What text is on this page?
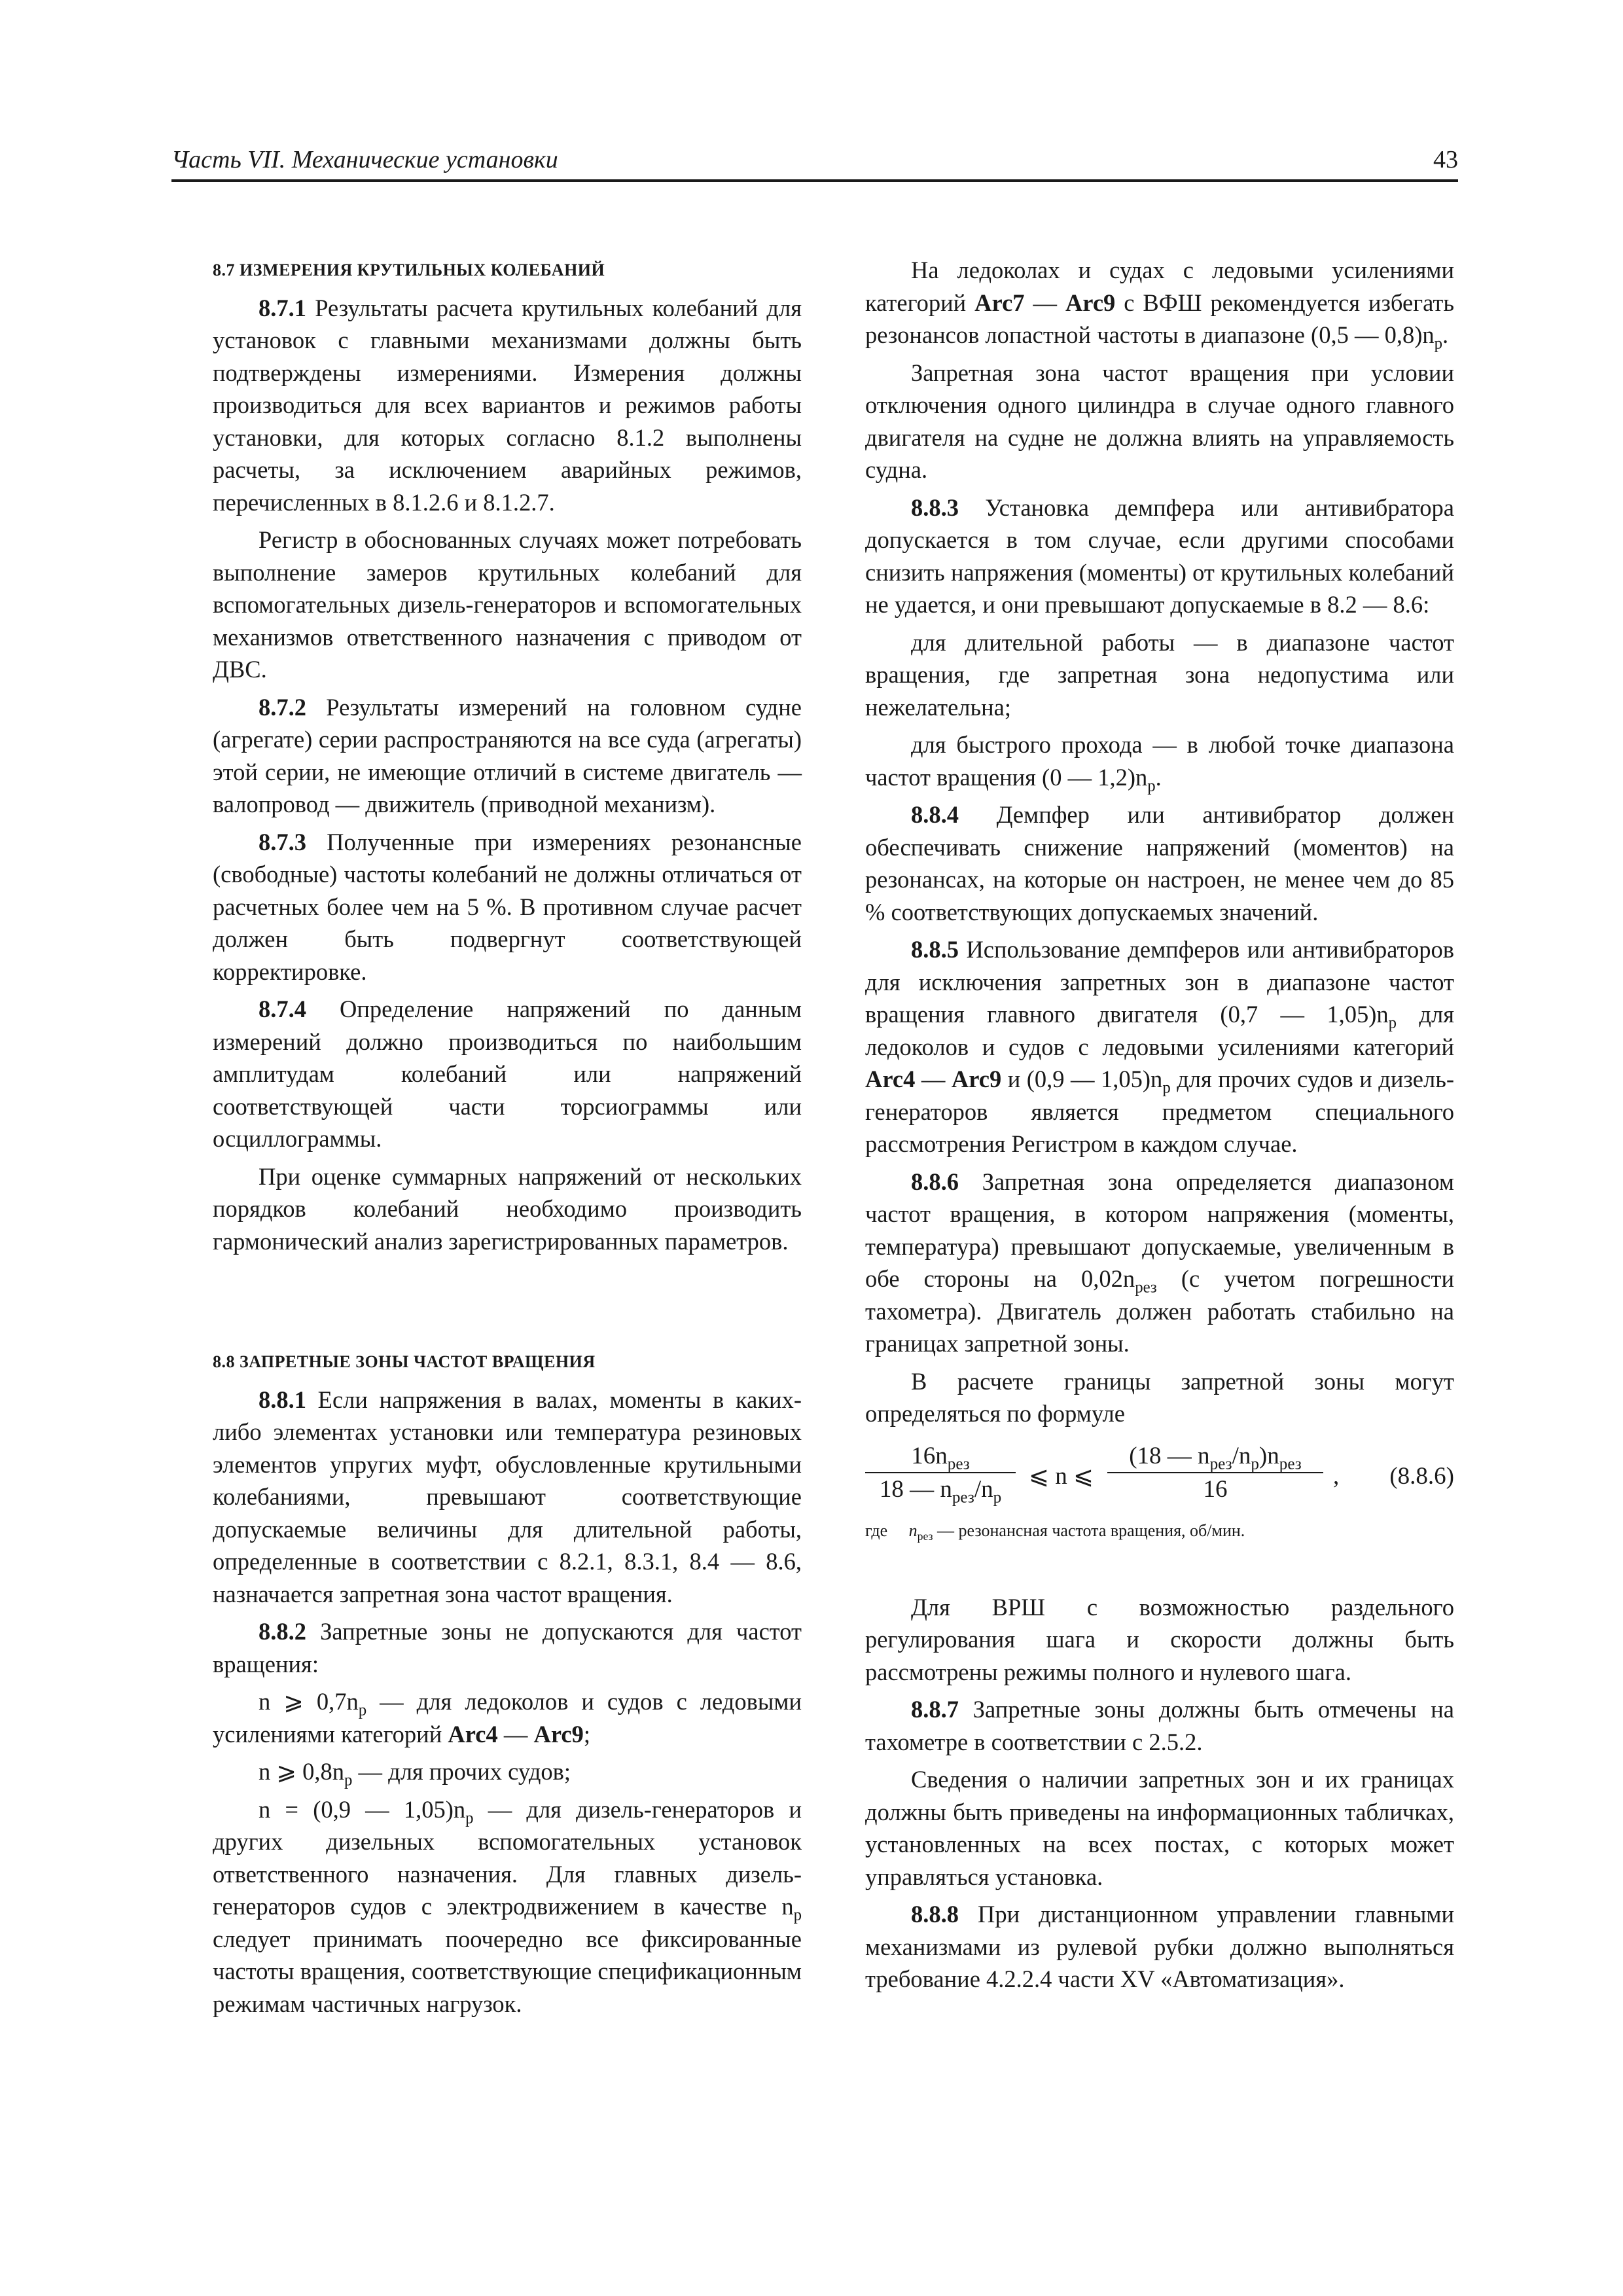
Часть VII. Механические установки	43

8.7 ИЗМЕРЕНИЯ КРУТИЛЬНЫХ КОЛЕБАНИЙ

8.7.1 Результаты расчета крутильных колебаний для установок с главными механизмами должны быть подтверждены измерениями. Измерения должны производиться для всех вариантов и режимов работы установки, для которых согласно 8.1.2 выполнены расчеты, за исключением аварийных режимов, перечисленных в 8.1.2.6 и 8.1.2.7.

Регистр в обоснованных случаях может потребовать выполнение замеров крутильных колебаний для вспомогательных дизель-генераторов и вспомогательных механизмов ответственного назначения с приводом от ДВС.

8.7.2 Результаты измерений на головном судне (агрегате) серии распространяются на все суда (агрегаты) этой серии, не имеющие отличий в системе двигатель — валопровод — движитель (приводной механизм).

8.7.3 Полученные при измерениях резонансные (свободные) частоты колебаний не должны отличаться от расчетных более чем на 5 %. В противном случае расчет должен быть подвергнут соответствующей корректировке.

8.7.4 Определение напряжений по данным измерений должно производиться по наибольшим амплитудам колебаний или напряжений соответствующей части торсиограммы или осциллограммы.

При оценке суммарных напряжений от нескольких порядков колебаний необходимо производить гармонический анализ зарегистрированных параметров.

8.8 ЗАПРЕТНЫЕ ЗОНЫ ЧАСТОТ ВРАЩЕНИЯ

8.8.1 Если напряжения в валах, моменты в каких-либо элементах установки или температура резиновых элементов упругих муфт, обусловленные крутильными колебаниями, превышают соответствующие допускаемые величины для длительной работы, определенные в соответствии с 8.2.1, 8.3.1, 8.4 — 8.6, назначается запретная зона частот вращения.

8.8.2 Запретные зоны не допускаются для частот вращения:

n ⩾ $0,7n_p$ — для ледоколов и судов с ледовыми усилениями категорий Arc4 — Arc9;

n ⩾ $0,8n_p$ — для прочих судов;

n = (0,9 — $1,05)n_p$ — для дизель-генераторов и других дизельных вспомогательных установок ответственного назначения. Для главных дизель-генераторов судов с электродвижением в качестве $n_p$ следует принимать поочередно все фиксированные частоты вращения, соответствующие спецификационным режимам частичных нагрузок.

На ледоколах и судах с ледовыми усилениями категорий Arc7 — Arc9 с ВФШ рекомендуется избегать резонансов лопастной частоты в диапазоне (0,5 — $0,8)n_p$.

Запретная зона частот вращения при условии отключения одного цилиндра в случае одного главного двигателя на судне не должна влиять на управляемость судна.

8.8.3 Установка демпфера или антивибратора допускается в том случае, если другими способами снизить напряжения (моменты) от крутильных колебаний не удается, и они превышают допускаемые в 8.2 — 8.6:

для длительной работы — в диапазоне частот вращения, где запретная зона недопустима или нежелательна;

для быстрого прохода — в любой точке диапазона частот вращения (0 — $1,2)n_p$.

8.8.4 Демпфер или антивибратор должен обеспечивать снижение напряжений (моментов) на резонансах, на которые он настроен, не менее чем до 85 % соответствующих допускаемых значений.

8.8.5 Использование демпферов или антивибраторов для исключения запретных зон в диапазоне частот вращения главного двигателя (0,7 — $1,05)n_p$ для ледоколов и судов с ледовыми усилениями категорий Arc4 — Arc9 и (0,9 — $1,05)n_p$ для прочих судов и дизель-генераторов является предметом специального рассмотрения Регистром в каждом случае.

8.8.6 Запретная зона определяется диапазоном частот вращения, в котором напряжения (моменты, температура) превышают допускаемые, увеличенным в обе стороны на $0,02n_{рез}$ (с учетом погрешности тахометра). Двигатель должен работать стабильно на границах запретной зоны.

В расчете границы запретной зоны могут определяться по формуле

$16n_{рез}$
18 — $n_{рез}/n_p$
⩽ n ⩽
(18 — $n_{рез}/n_p)n_{рез}$
16	, (8.8.6)

где $n_{рез}$ — резонансная частота вращения, об/мин.

Для ВРШ с возможностью раздельного регулирования шага и скорости должны быть рассмотрены режимы полного и нулевого шага.

8.8.7 Запретные зоны должны быть отмечены на тахометре в соответствии с 2.5.2.

Сведения о наличии запретных зон и их границах должны быть приведены на информационных табличках, установленных на всех постах, с которых может управляться установка.

8.8.8 При дистанционном управлении главными механизмами из рулевой рубки должно выполняться требование 4.2.2.4 части XV «Автоматизация».
